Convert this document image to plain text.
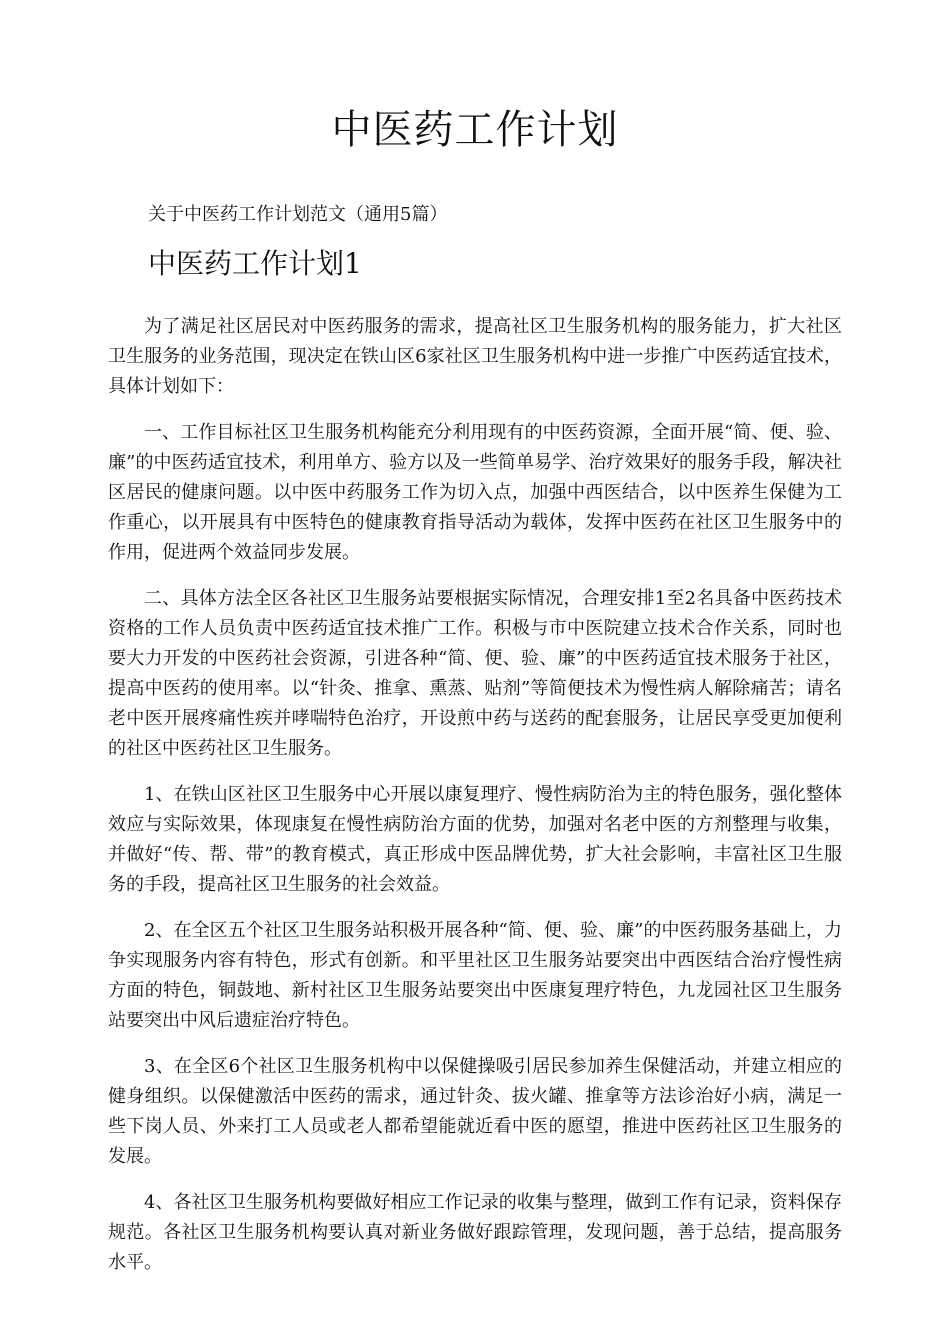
中医药工作计划
关于中医药工作计划范文（通用5篇）
中医药工作计划1

为了满足社区居民对中医药服务的需求，提高社区卫生服务机构的服务能力，扩大社区卫生服务的业务范围，现决定在铁山区6家社区卫生服务机构中进一步推广中医药适宜技术，具体计划如下：

一、工作目标社区卫生服务机构能充分利用现有的中医药资源，全面开展“简、便、验、廉”的中医药适宜技术，利用单方、验方以及一些简单易学、治疗效果好的服务手段，解决社区居民的健康问题。以中医中药服务工作为切入点，加强中西医结合，以中医养生保健为工作重心，以开展具有中医特色的健康教育指导活动为载体，发挥中医药在社区卫生服务中的作用，促进两个效益同步发展。

二、具体方法全区各社区卫生服务站要根据实际情况，合理安排1至2名具备中医药技术资格的工作人员负责中医药适宜技术推广工作。积极与市中医院建立技术合作关系，同时也要大力开发的中医药社会资源，引进各种“简、便、验、廉”的中医药适宜技术服务于社区，提高中医药的使用率。以“针灸、推拿、熏蒸、贴剂”等简便技术为慢性病人解除痛苦；请名老中医开展疼痛性疾并哮喘特色治疗，开设煎中药与送药的配套服务，让居民享受更加便利的社区中医药社区卫生服务。

1、在铁山区社区卫生服务中心开展以康复理疗、慢性病防治为主的特色服务，强化整体效应与实际效果，体现康复在慢性病防治方面的优势，加强对名老中医的方剂整理与收集，并做好“传、帮、带”的教育模式，真正形成中医品牌优势，扩大社会影响，丰富社区卫生服务的手段，提高社区卫生服务的社会效益。

2、在全区五个社区卫生服务站积极开展各种“简、便、验、廉”的中医药服务基础上，力争实现服务内容有特色，形式有创新。和平里社区卫生服务站要突出中西医结合治疗慢性病方面的特色，铜鼓地、新村社区卫生服务站要突出中医康复理疗特色，九龙园社区卫生服务站要突出中风后遗症治疗特色。

3、在全区6个社区卫生服务机构中以保健操吸引居民参加养生保健活动，并建立相应的健身组织。以保健激活中医药的需求，通过针灸、拔火罐、推拿等方法诊治好小病，满足一些下岗人员、外来打工人员或老人都希望能就近看中医的愿望，推进中医药社区卫生服务的发展。

4、各社区卫生服务机构要做好相应工作记录的收集与整理，做到工作有记录，资料保存规范。各社区卫生服务机构要认真对新业务做好跟踪管理，发现问题，善于总结，提高服务水平。
